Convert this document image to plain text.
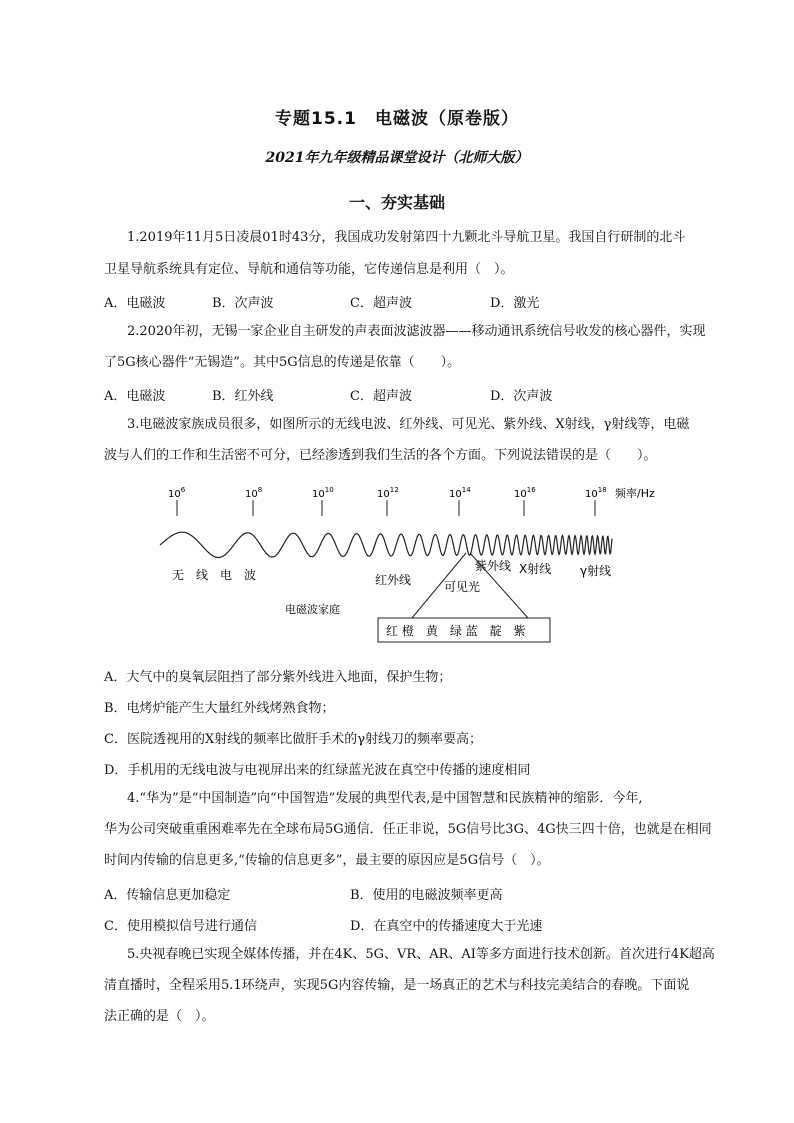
专题15.1　电磁波（原卷版）
2021年九年级精品课堂设计（北师大版）
一、夯实基础
1.2019年11月5日凌晨01时43分，我国成功发射第四十九颗北斗导航卫星。我国自行研制的北斗
卫星导航系统具有定位、导航和通信等功能，它传递信息是利用（　）。
A．电磁波	B．次声波	C．超声波	D．激光
2.2020年初，无锡一家企业自主研发的声表面波滤波器——移动通讯系统信号收发的核心器件，实现
了5G核心器件“无锡造”。其中5G信息的传递是依靠（　　）。
A．电磁波	B．红外线	C．超声波	D．次声波
3.电磁波家族成员很多，如图所示的无线电波、红外线、可见光、紫外线、X射线，γ射线等，电磁
波与人们的工作和生活密不可分，已经渗透到我们生活的各个方面。下列说法错误的是（　　）。
$10^6$	$10^8$	$10^{10}$	$10^{12}$	$10^{14}$	$10^{16}$	$10^{18}$ 频率/Hz
无　线　电　波	红外线
紫外线 X射线 γ射线
可见光
电磁波家庭
红 橙　黄　绿 蓝　靛　紫
A．大气中的臭氧层阻挡了部分紫外线进入地面，保护生物；
B．电烤炉能产生大量红外线烤熟食物；
C．医院透视用的X射线的频率比做肝手术的γ射线刀的频率要高；
D．手机用的无线电波与电视屏出来的红绿蓝光波在真空中传播的速度相同
4.“华为”是“中国制造”向“中国智造”发展的典型代表,是中国智慧和民族精神的缩影．今年,
华为公司突破重重困难率先在全球布局5G通信．任正非说，5G信号比3G、4G快三四十倍，也就是在相同
时间内传输的信息更多,“传输的信息更多”，最主要的原因应是5G信号（　）。
A．传输信息更加稳定	B．使用的电磁波频率更高
C．使用模拟信号进行通信	D．在真空中的传播速度大于光速
5.央视春晚已实现全媒体传播，并在4K、5G、VR、AR、AI等多方面进行技术创新。首次进行4K超高
清直播时，全程采用5.1环绕声，实现5G内容传输，是一场真正的艺术与科技完美结合的春晚。下面说
法正确的是（　）。
